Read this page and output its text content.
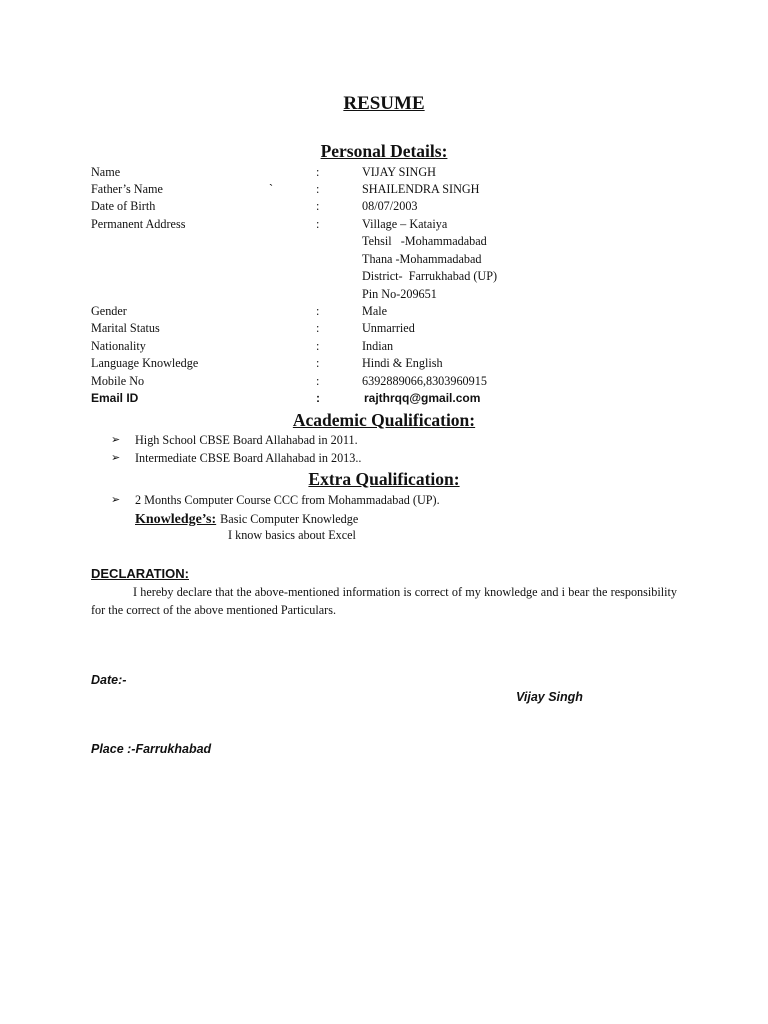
RESUME
Personal Details:
Name	:	VIJAY SINGH
Father’s Name	`	:	SHAILENDRA SINGH
Date of Birth	:	08/07/2003
Permanent Address	:	Village – Kataiya
Tehsil   -Mohammadabad
Thana -Mohammadabad
District-  Farrukhabad (UP)
Pin No-209651
Gender	:	Male
Marital Status	:	Unmarried
Nationality	:	Indian
Language Knowledge	:	Hindi & English
Mobile No	:	6392889066,8303960915
Email ID	:	rajthrqq@gmail.com
Academic Qualification:
➢ High School CBSE Board Allahabad in 2011.
➢ Intermediate CBSE Board Allahabad in 2013..
Extra Qualification:
➢ 2 Months Computer Course CCC from Mohammadabad (UP).
Knowledge’s: Basic Computer Knowledge
I know basics about Excel
DECLARATION:
I hereby declare that the above-mentioned information is correct of my knowledge and i bear the responsibility for the correct of the above mentioned Particulars.
Date:-
Vijay Singh
Place :-Farrukhabad
